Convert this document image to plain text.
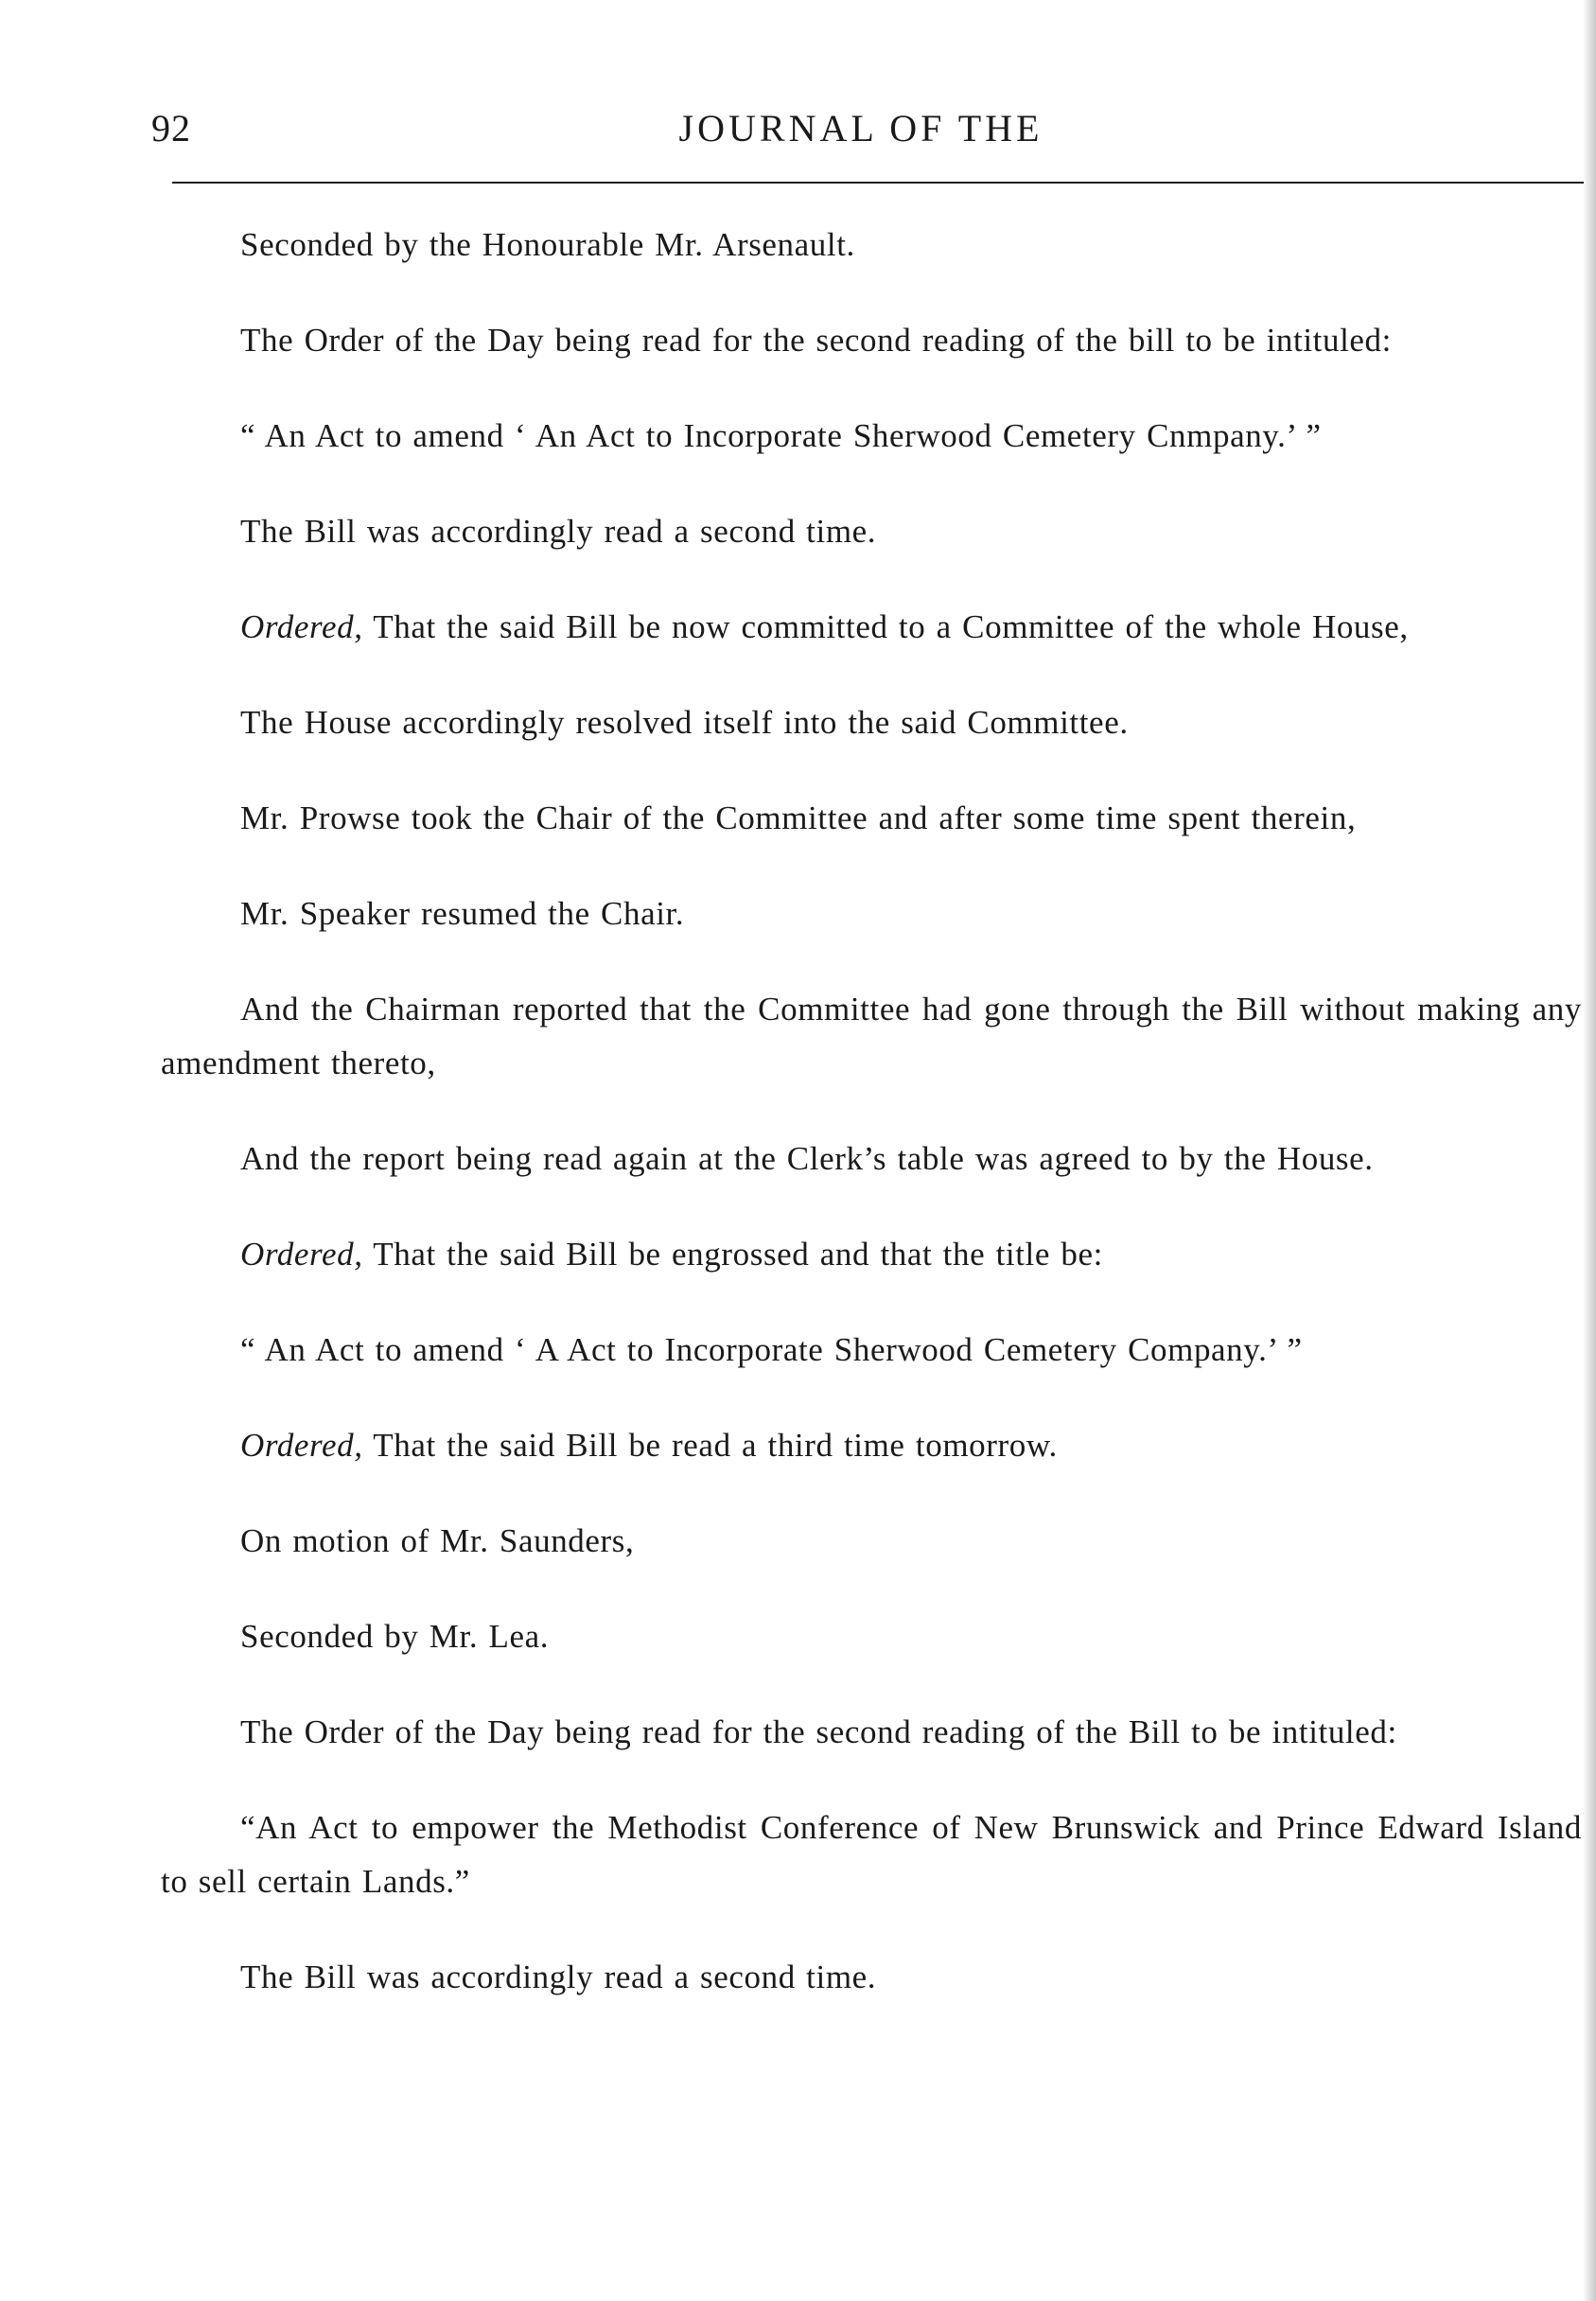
92	JOURNAL OF THE

Seconded by the Honourable Mr. Arsenault.

The Order of the Day being read for the second reading of the bill to be intituled:

“ An Act to amend ‘ An Act to Incorporate Sherwood Cemetery Cnmpany.’ ”

The Bill was accordingly read a second time.

Ordered, That the said Bill be now committed to a Committee of the whole House,

The House accordingly resolved itself into the said Committee.

Mr. Prowse took the Chair of the Committee and after some time spent therein,

Mr. Speaker resumed the Chair.

And the Chairman reported that the Committee had gone through the Bill without making any amendment thereto,

And the report being read again at the Clerk’s table was agreed to by the House.

Ordered, That the said Bill be engrossed and that the title be:

“ An Act to amend ‘ A Act to Incorporate Sherwood Cemetery Company.’ ”

Ordered, That the said Bill be read a third time tomorrow.

On motion of Mr. Saunders,

Seconded by Mr. Lea.

The Order of the Day being read for the second reading of the Bill to be intituled:

“An Act to empower the Methodist Conference of New Brunswick and Prince Edward Island to sell certain Lands.”

The Bill was accordingly read a second time.
